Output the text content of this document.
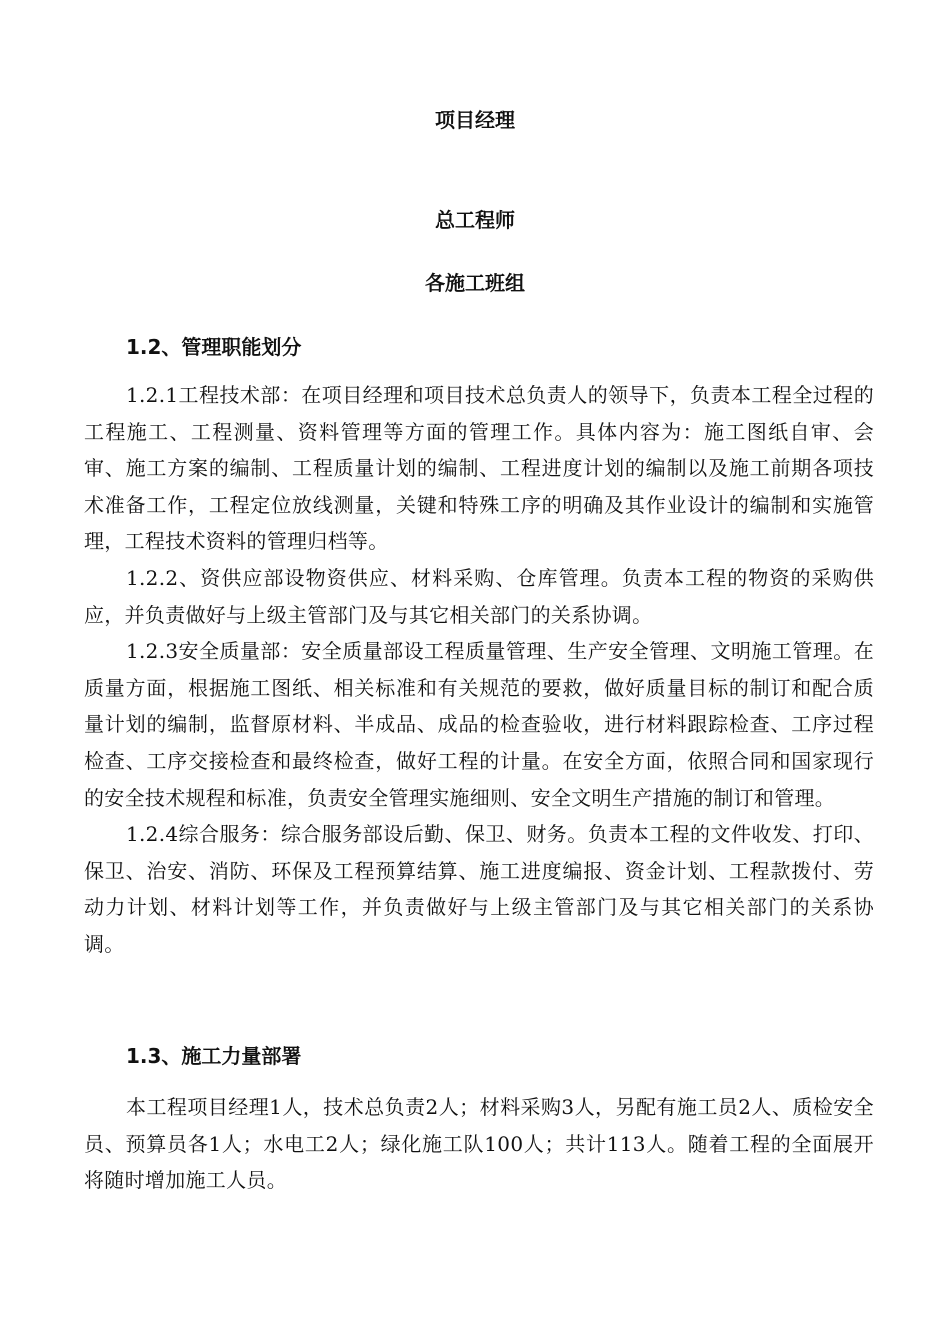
项目经理
总工程师
各施工班组
1.2、管理职能划分

1.2.1工程技术部：在项目经理和项目技术总负责人的领导下，负责本工程全过程的工程施工、工程测量、资料管理等方面的管理工作。具体内容为：施工图纸自审、会审、施工方案的编制、工程质量计划的编制、工程进度计划的编制以及施工前期各项技术准备工作，工程定位放线测量，关键和特殊工序的明确及其作业设计的编制和实施管理，工程技术资料的管理归档等。

1.2.2、资供应部设物资供应、材料采购、仓库管理。负责本工程的物资的采购供应，并负责做好与上级主管部门及与其它相关部门的关系协调。

1.2.3安全质量部：安全质量部设工程质量管理、生产安全管理、文明施工管理。在质量方面，根据施工图纸、相关标准和有关规范的要救，做好质量目标的制订和配合质量计划的编制，监督原材料、半成品、成品的检查验收，进行材料跟踪检查、工序过程检查、工序交接检查和最终检查，做好工程的计量。在安全方面，依照合同和国家现行的安全技术规程和标准，负责安全管理实施细则、安全文明生产措施的制订和管理。

1.2.4综合服务：综合服务部设后勤、保卫、财务。负责本工程的文件收发、打印、保卫、治安、消防、环保及工程预算结算、施工进度编报、资金计划、工程款拨付、劳动力计划、材料计划等工作，并负责做好与上级主管部门及与其它相关部门的关系协调。

1.3、施工力量部署

本工程项目经理1人，技术总负责2人；材料采购3人，另配有施工员2人、质检安全员、预算员各1人；水电工2人；绿化施工队100人；共计113人。随着工程的全面展开将随时增加施工人员。
